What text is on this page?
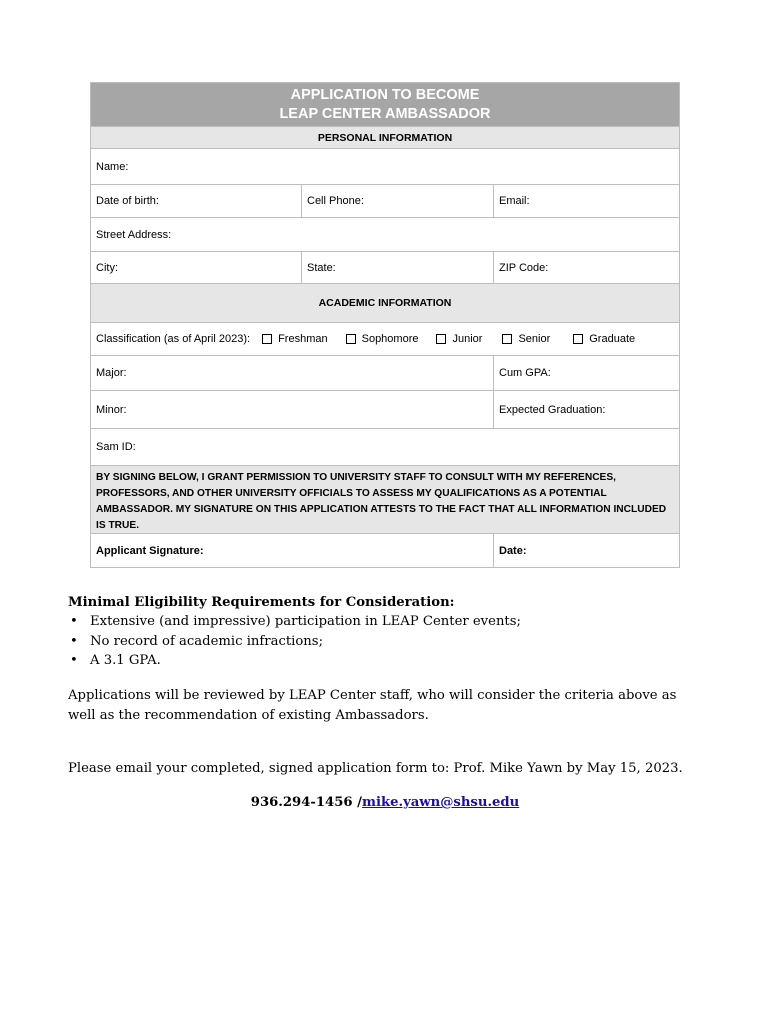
APPLICATION TO BECOME
LEAP CENTER AMBASSADOR
PERSONAL INFORMATION
Name:
Date of birth:	Cell Phone:	Email:
Street Address:
City:	State:	ZIP Code:
ACADEMIC INFORMATION
Classification (as of April 2023):	Freshman	Sophomore	Junior	Senior	Graduate
Major:	Cum GPA:
Minor:	Expected Graduation:
Sam ID:
BY SIGNING BELOW, I GRANT PERMISSION TO UNIVERSITY STAFF TO CONSULT WITH MY REFERENCES, PROFESSORS, AND OTHER UNIVERSITY OFFICIALS TO ASSESS MY QUALIFICATIONS AS A POTENTIAL AMBASSADOR. MY SIGNATURE ON THIS APPLICATION ATTESTS TO THE FACT THAT ALL INFORMATION INCLUDED IS TRUE.
Applicant Signature:	Date:
Minimal Eligibility Requirements for Consideration:
• Extensive (and impressive) participation in LEAP Center events;
• No record of academic infractions;
• A 3.1 GPA.
Applications will be reviewed by LEAP Center staff, who will consider the criteria above as well as the recommendation of existing Ambassadors.
Please email your completed, signed application form to: Prof. Mike Yawn by May 15, 2023.
936.294-1456 /mike.yawn@shsu.edu
